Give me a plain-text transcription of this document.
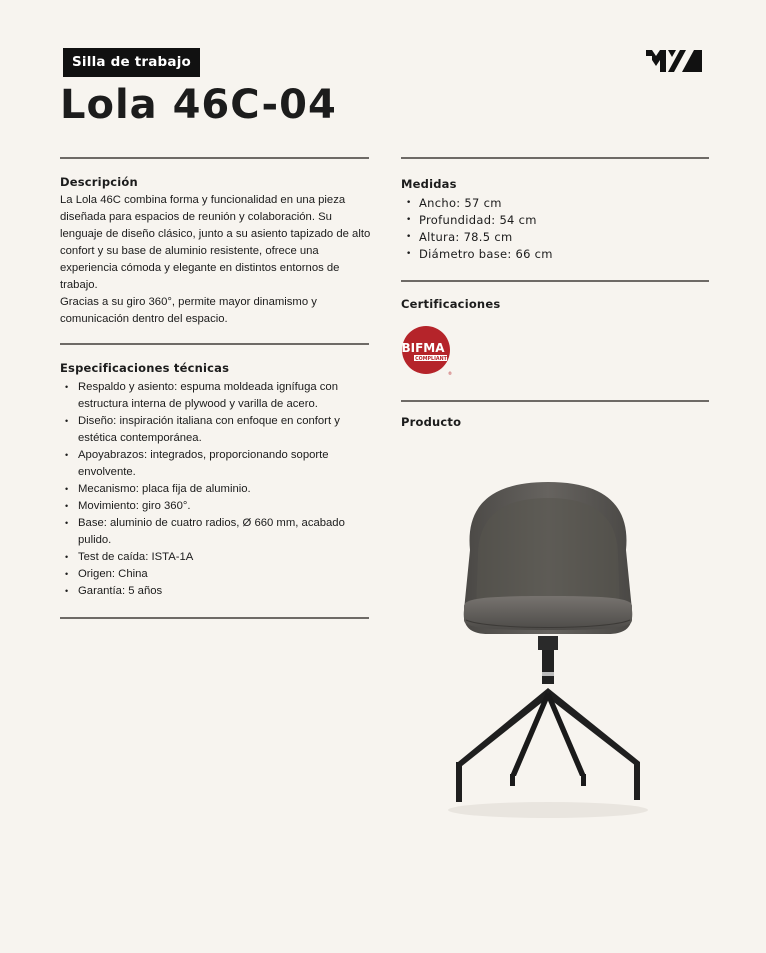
Silla de trabajo
Lola 46C-04
Descripción

La Lola 46C combina forma y funcionalidad en una pieza diseñada para espacios de reunión y colaboración. Su lenguaje de diseño clásico, junto a su asiento tapizado de alto confort y su base de aluminio resistente, ofrece una experiencia cómoda y elegante en distintos entornos de trabajo.
Gracias a su giro 360°, permite mayor dinamismo y comunicación dentro del espacio.

Especificaciones técnicas
• Respaldo y asiento: espuma moldeada ignífuga con estructura interna de plywood y varilla de acero.
• Diseño: inspiración italiana con enfoque en confort y estética contemporánea.
• Apoyabrazos: integrados, proporcionando soporte envolvente.
• Mecanismo: placa fija de aluminio.
• Movimiento: giro 360°.
• Base: aluminio de cuatro radios, Ø 660 mm, acabado pulido.
• Test de caída: ISTA-1A
• Origen: China
• Garantía: 5 años
Medidas
• Ancho: 57 cm
• Profundidad: 54 cm
• Altura: 78.5 cm
• Diámetro base: 66 cm
Certificaciones
BIFMA
COMPLIANT
®
Producto
